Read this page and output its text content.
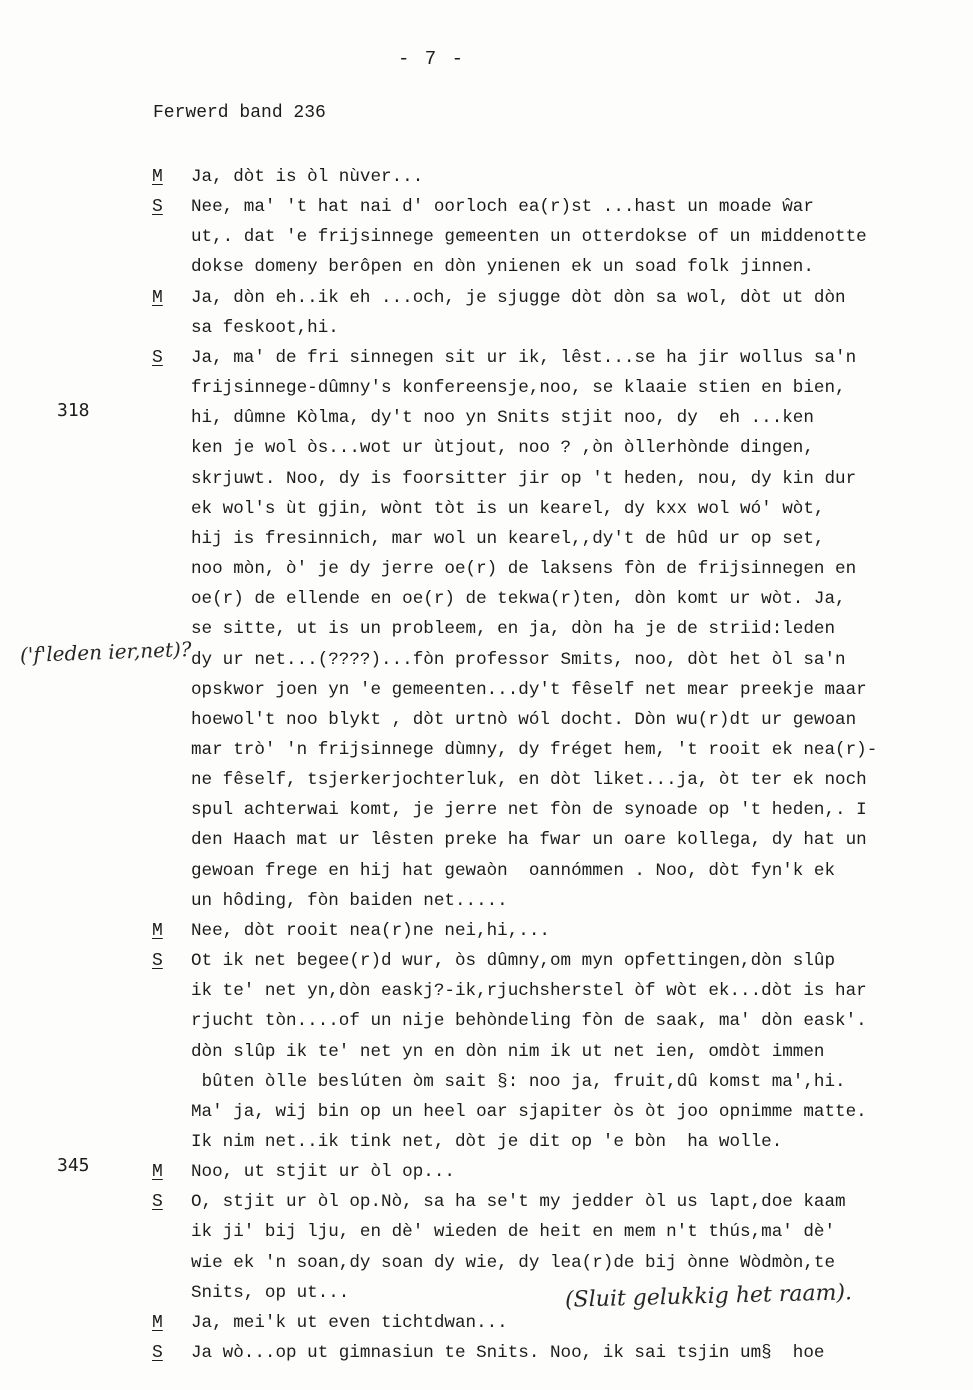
- 7 -
Ferwerd band 236
318
345
('f'leden ier,net)?
(Sluit gelukkig het raam).
M Ja, dòt is òl nùver...
S Nee, ma' 't hat nai d' oorloch ea(r)st ...hast un moade ŵar
ut,. dat 'e frijsinnege gemeenten un otterdokse of un middenotte
dokse domeny berôpen en dòn ynienen ek un soad folk jinnen.
M Ja, dòn eh..ik eh ...och, je sjugge dòt dòn sa wol, dòt ut dòn
sa feskoot,hi.
S Ja, ma' de fri sinnegen sit ur ik, lêst...se ha jir wollus sa'n
frijsinnege-dûmny's konfereensje,noo, se klaaie stien en bien,
hi, dûmne Kòlma, dy't noo yn Snits stjit noo, dy  eh ...ken
ken je wol òs...wot ur ùtjout, noo ? ,òn òllerhònde dingen,
skrjuwt. Noo, dy is foorsitter jir op 't heden, nou, dy kin dur
ek wol's ùt gjin, wònt tòt is un kearel, dy kxx wol wó' wòt,
hij is fresinnich, mar wol un kearel,,dy't de hûd ur op set,
noo mòn, ò' je dy jerre oe(r) de laksens fòn de frijsinnegen en
oe(r) de ellende en oe(r) de tekwa(r)ten, dòn komt ur wòt. Ja,
se sitte, ut is un probleem, en ja, dòn ha je de striid:leden
dy ur net...(????)...fòn professor Smits, noo, dòt het òl sa'n
opskwor joen yn 'e gemeenten...dy't fêself net mear preekje maar
hoewol't noo blykt , dòt urtnò wól docht. Dòn wu(r)dt ur gewoan
mar trò' 'n frijsinnege dùmny, dy fréget hem, 't rooit ek nea(r)-
ne fêself, tsjerkerjochterluk, en dòt liket...ja, òt ter ek noch
spul achterwai komt, je jerre net fòn de synoade op 't heden,. I
den Haach mat ur lêsten preke ha fwar un oare kollega, dy hat un
gewoan frege en hij hat gewaòn  oannómmen . Noo, dòt fyn'k ek
un hôding, fòn baiden net.....
M Nee, dòt rooit nea(r)ne nei,hi,...
S Ot ik net begee(r)d wur, òs dûmny,om myn opfettingen,dòn slûp
ik te' net yn,dòn easkj?-ik,rjuchsherstel òf wòt ek...dòt is har
rjucht tòn....of un nije behòndeling fòn de saak, ma' dòn eask'.
dòn slûp ik te' net yn en dòn nim ik ut net ien, omdòt immen
bûten òlle beslúten òm sait §: noo ja, fruit,dû komst ma',hi.
Ma' ja, wij bin op un heel oar sjapiter òs òt joo opnimme matte.
Ik nim net..ik tink net, dòt je dit op 'e bòn  ha wolle.
M Noo, ut stjit ur òl op...
S O, stjit ur òl op.Nò, sa ha se't my jedder òl us lapt,doe kaam
ik ji' bij lju, en dè' wieden de heit en mem n't thús,ma' dè'
wie ek 'n soan,dy soan dy wie, dy lea(r)de bij ònne Wòdmòn,te
Snits, op ut...
M Ja, mei'k ut even tichtdwan...
S Ja wò...op ut gimnasiun te Snits. Noo, ik sai tsjin um§  hoe
